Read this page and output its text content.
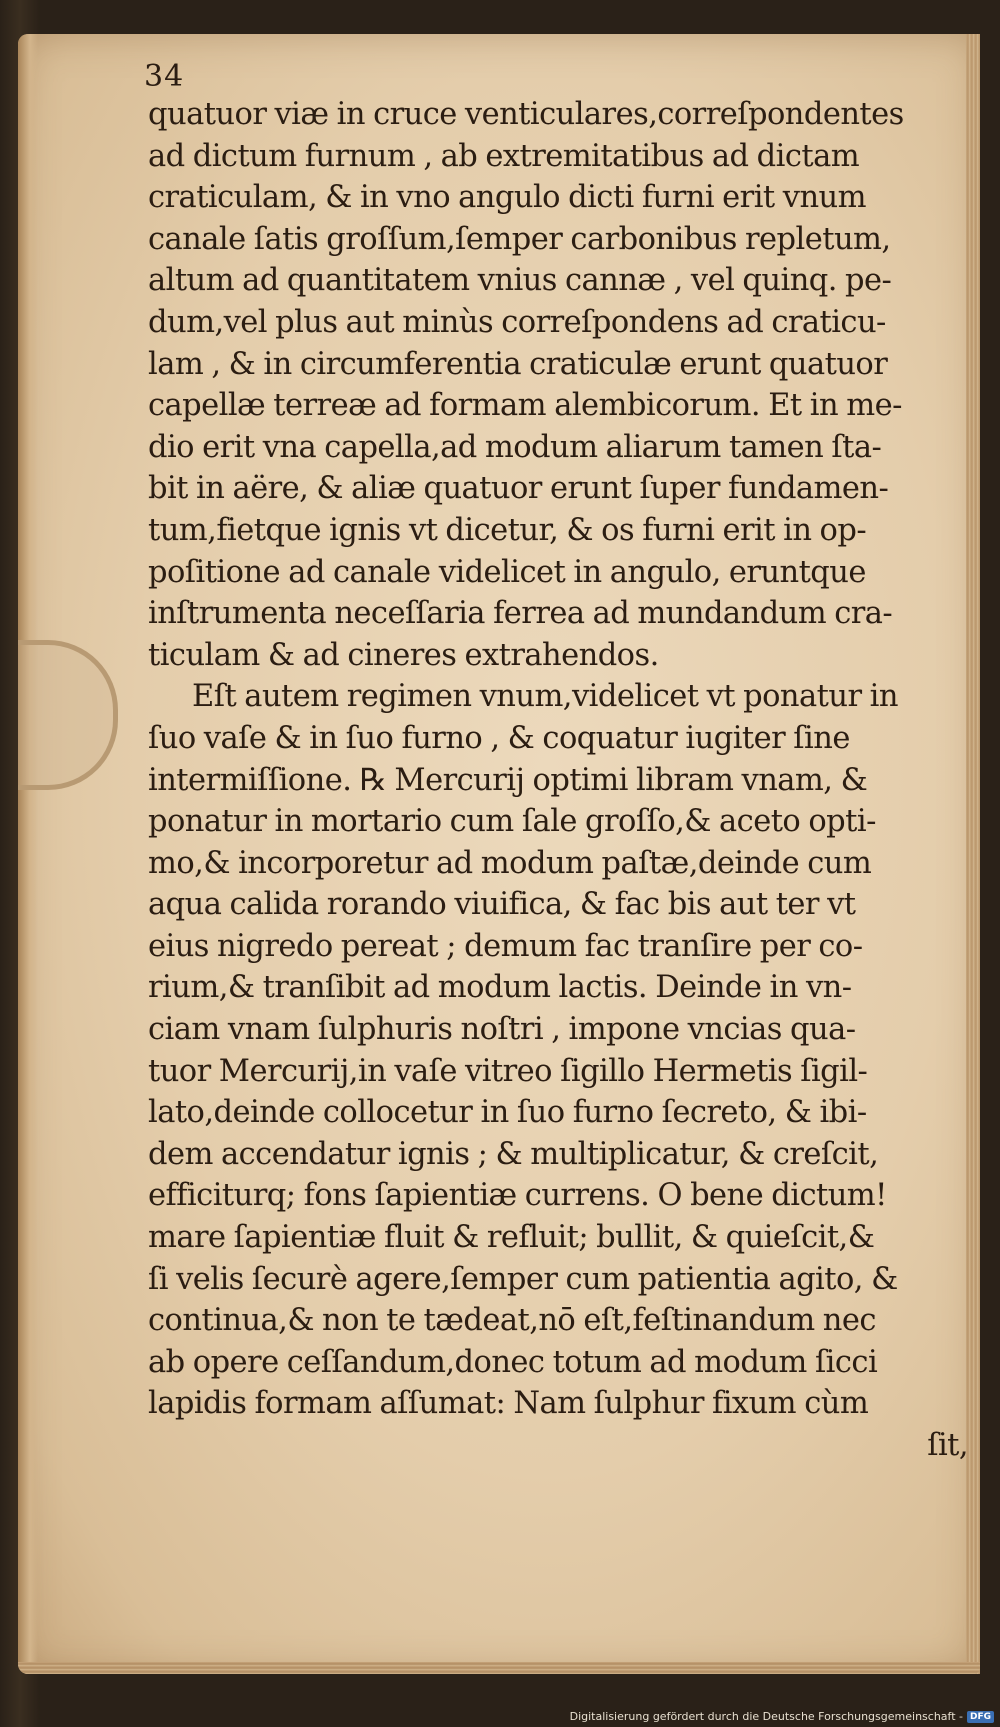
34
quatuor viæ in cruce venticulares,correſpondentes
ad dictum furnum , ab extremitatibus ad dictam
craticulam, & in vno angulo dicti furni erit vnum
canale ſatis groſſum,ſemper carbonibus repletum,
altum ad quantitatem vnius cannæ , vel quinq. pe-
dum,vel plus aut minùs correſpondens ad craticu-
lam , & in circumferentia craticulæ erunt quatuor
capellæ terreæ ad formam alembicorum. Et in me-
dio erit vna capella,ad modum aliarum tamen ſta-
bit in aëre, & aliæ quatuor erunt ſuper fundamen-
tum,fietque ignis vt dicetur, & os furni erit in op-
poſitione ad canale videlicet in angulo, eruntque
inſtrumenta neceſſaria ferrea ad mundandum cra-
ticulam & ad cineres extrahendos.
Eſt autem regimen vnum,videlicet vt ponatur in
ſuo vaſe & in ſuo furno , & coquatur iugiter ſine
intermiſſione. ℞ Mercurij optimi libram vnam, &
ponatur in mortario cum ſale groſſo,& aceto opti-
mo,& incorporetur ad modum paſtæ,deinde cum
aqua calida rorando viuifica, & fac bis aut ter vt
eius nigredo pereat ; demum fac tranſire per co-
rium,& tranſibit ad modum lactis. Deinde in vn-
ciam vnam ſulphuris noſtri , impone vncias qua-
tuor Mercurij,in vaſe vitreo ſigillo Hermetis ſigil-
lato,deinde collocetur in ſuo furno ſecreto, & ibi-
dem accendatur ignis ; & multiplicatur, & creſcit,
efficiturq; fons ſapientiæ currens. O bene dictum!
mare ſapientiæ fluit & refluit; bullit, & quieſcit,&
ſi velis ſecurè agere,ſemper cum patientia agito, &
continua,& non te tædeat,nō eſt,feſtinandum nec
ab opere ceſſandum,donec totum ad modum ſicci
lapidis formam aſſumat: Nam ſulphur fixum cùm
ſit,
Digitalisierung gefördert durch die Deutsche Forschungsgemeinschaft - DFG
